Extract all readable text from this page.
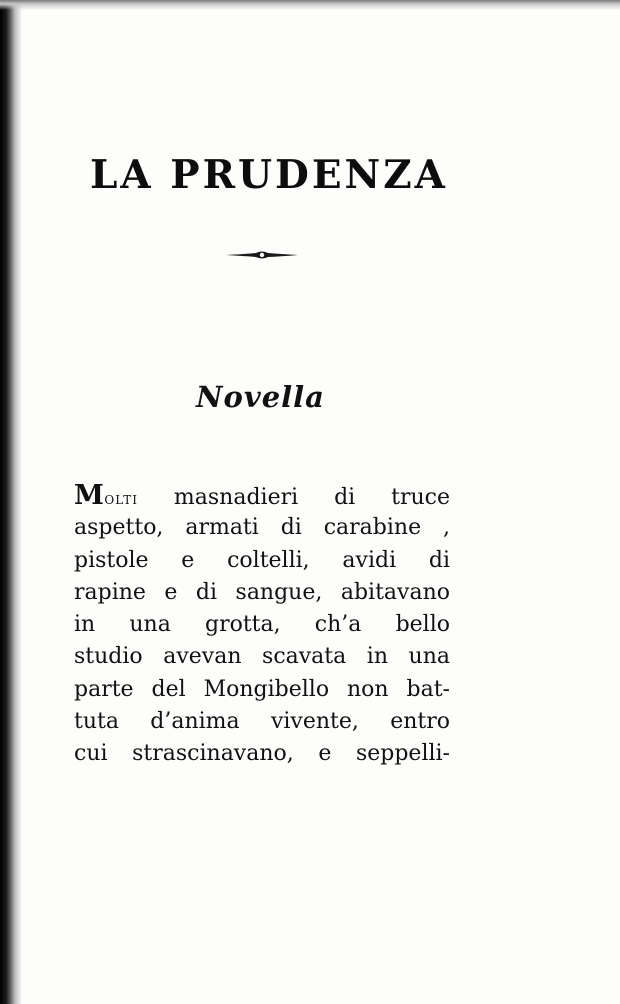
LA PRUDENZA
Novella
Molti masnadieri di truce
aspetto, armati di carabine ,
pistole e coltelli, avidi di
rapine e di sangue, abitavano
in una grotta, ch’a bello
studio avevan scavata in una
parte del Mongibello non bat-
tuta d’anima vivente, entro
cui strascinavano, e seppelli-
